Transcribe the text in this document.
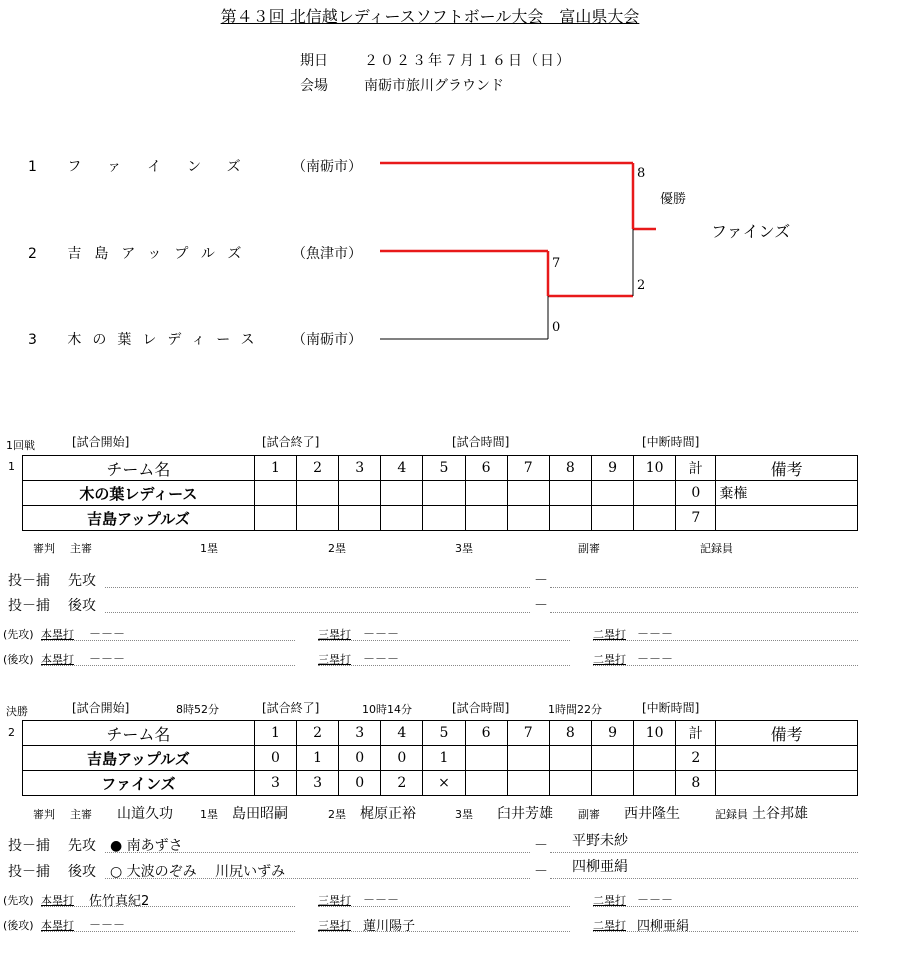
第４３回 北信越レディースソフトボール大会　富山県大会
期日	２０２３年７月１６日（日）
会場	南砺市旅川グラウンド
1 ファインズ （南砺市）
2 吉島アップルズ	（魚津市）
3 木の葉レディース （南砺市）
8
2
7
0
優勝
ファインズ
1回戦	[試合開始]	[試合終了]	[試合時間]	[中断時間]
1	チーム名	1	2	3	4	5	6	7	8	9	10	計	備考
木の葉レディース											0	棄権
吉島アップルズ											7	
審判 主審	1塁	2塁	3塁	副審	記録員
投－捕 先攻	－
投－捕 後攻	－
(先攻) 本塁打 －－－	三塁打 －－－	二塁打 －－－
(後攻) 本塁打 －－－	三塁打 －－－	二塁打 －－－
決勝	[試合開始]	8時52分	[試合終了]	10時14分	[試合時間]	1時間22分	[中断時間]
2	チーム名	1	2	3	4	5	6	7	8	9	10	計	備考
吉島アップルズ	0	1	0	0	1						2	
ファインズ	3	3	0	2	×						8	
審判 主審 山道久功 1塁 島田昭嗣	2塁 梶原正裕	3塁 臼井芳雄 副審 西井隆生	記録員 土谷邦雄
投－捕 先攻 ● 南あずさ	－ 平野未紗
投－捕 後攻 ○ 大波のぞみ　 川尻いずみ	－ 四柳亜絹
(先攻) 本塁打 佐竹真紀2	三塁打 －－－	二塁打 －－－
(後攻) 本塁打 －－－	三塁打 蓮川陽子	二塁打 四柳亜絹
